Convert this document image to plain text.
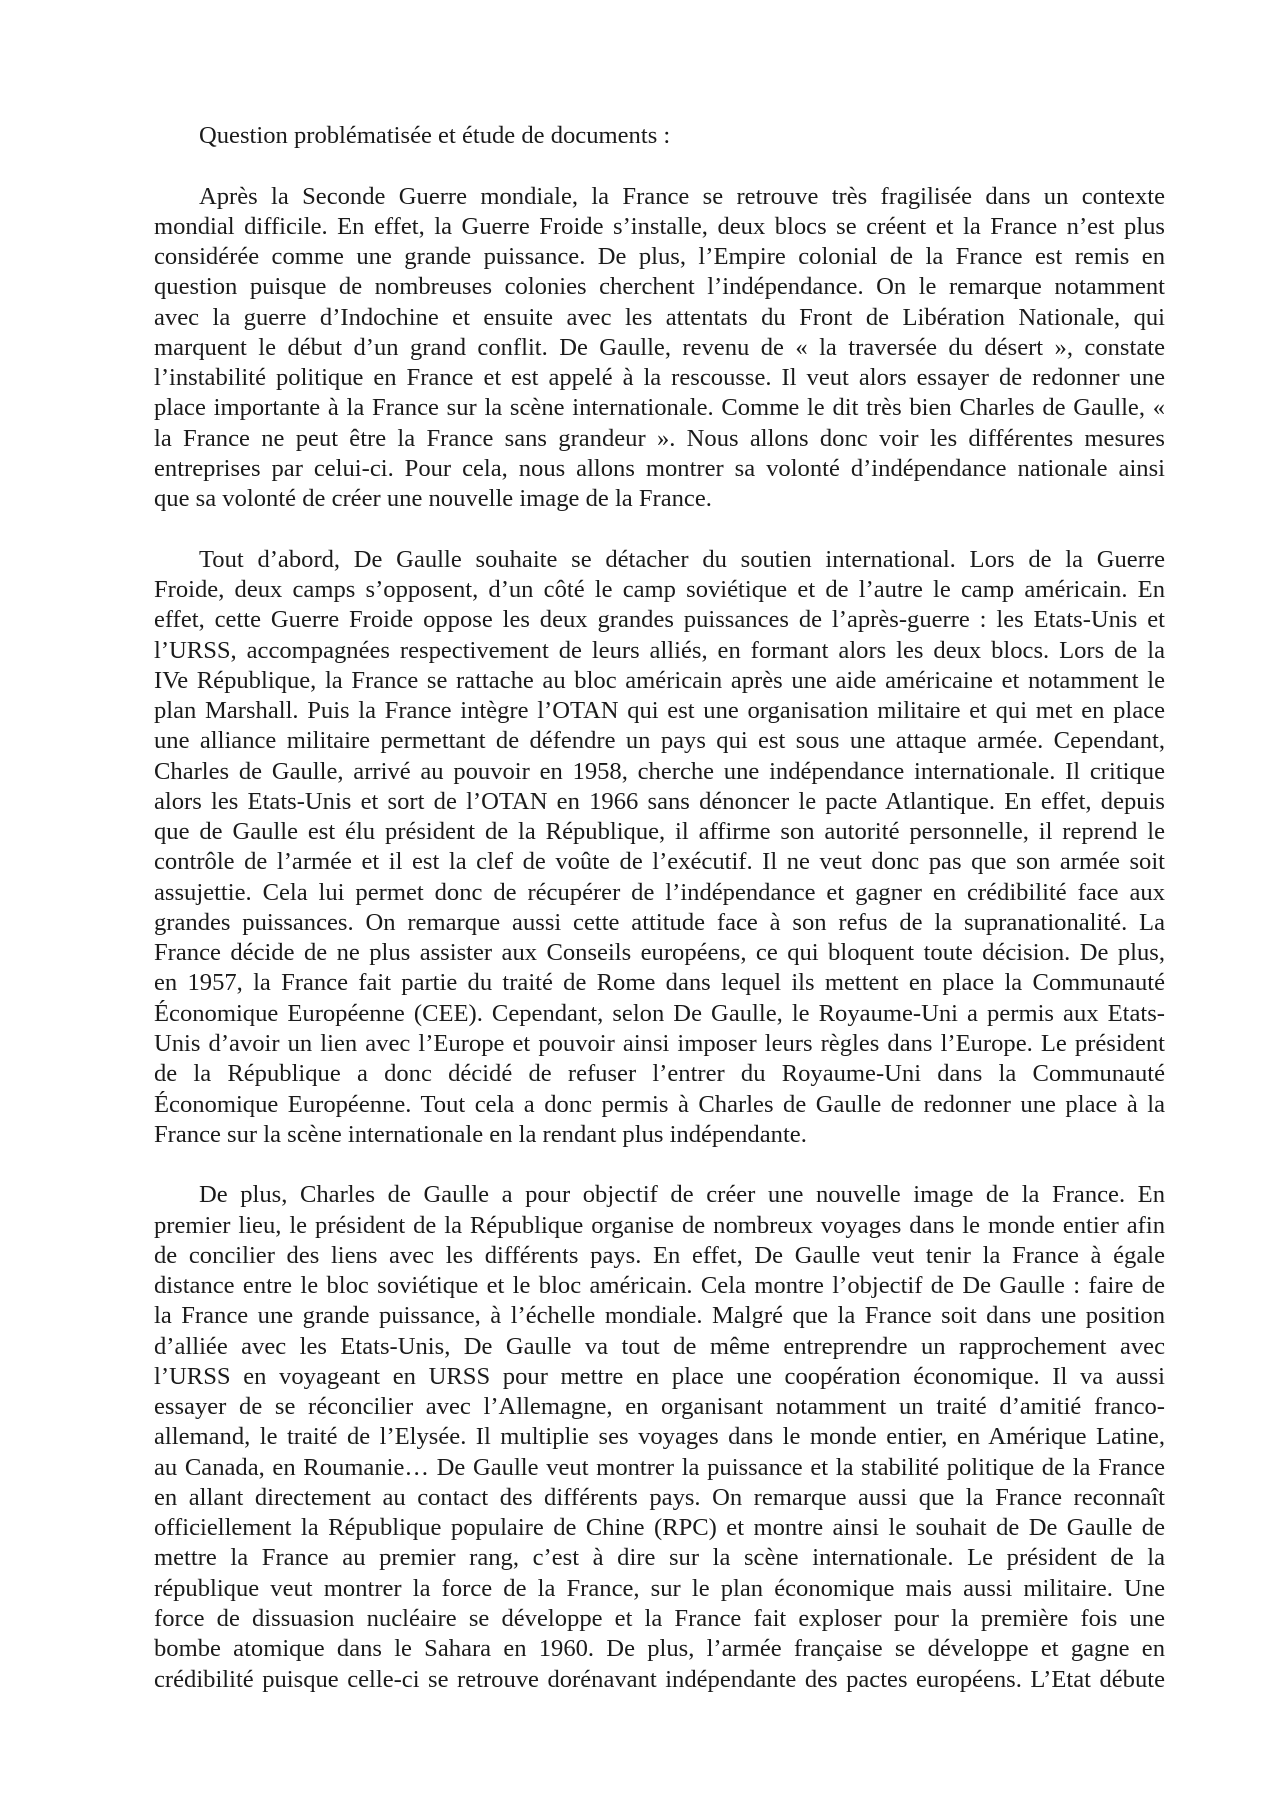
Question problématisée et étude de documents :
Après la Seconde Guerre mondiale, la France se retrouve très fragilisée dans un contexte
mondial difficile. En effet, la Guerre Froide s’installe, deux blocs se créent et la France n’est plus
considérée comme une grande puissance. De plus, l’Empire colonial de la France est remis en
question puisque de nombreuses colonies cherchent l’indépendance. On le remarque notamment
avec la guerre d’Indochine et ensuite avec les attentats du Front de Libération Nationale, qui
marquent le début d’un grand conflit. De Gaulle, revenu de « la traversée du désert », constate
l’instabilité politique en France et est appelé à la rescousse. Il veut alors essayer de redonner une
place importante à la France sur la scène internationale. Comme le dit très bien Charles de Gaulle, «
la France ne peut être la France sans grandeur ». Nous allons donc voir les différentes mesures
entreprises par celui-ci. Pour cela, nous allons montrer sa volonté d’indépendance nationale ainsi
que sa volonté de créer une nouvelle image de la France.
Tout d’abord, De Gaulle souhaite se détacher du soutien international. Lors de la Guerre
Froide, deux camps s’opposent, d’un côté le camp soviétique et de l’autre le camp américain. En
effet, cette Guerre Froide oppose les deux grandes puissances de l’après-guerre : les Etats-Unis et
l’URSS, accompagnées respectivement de leurs alliés, en formant alors les deux blocs. Lors de la
IVe République, la France se rattache au bloc américain après une aide américaine et notamment le
plan Marshall. Puis la France intègre l’OTAN qui est une organisation militaire et qui met en place
une alliance militaire permettant de défendre un pays qui est sous une attaque armée. Cependant,
Charles de Gaulle, arrivé au pouvoir en 1958, cherche une indépendance internationale. Il critique
alors les Etats-Unis et sort de l’OTAN en 1966 sans dénoncer le pacte Atlantique. En effet, depuis
que de Gaulle est élu président de la République, il affirme son autorité personnelle, il reprend le
contrôle de l’armée et il est la clef de voûte de l’exécutif. Il ne veut donc pas que son armée soit
assujettie. Cela lui permet donc de récupérer de l’indépendance et gagner en crédibilité face aux
grandes puissances. On remarque aussi cette attitude face à son refus de la supranationalité. La
France décide de ne plus assister aux Conseils européens, ce qui bloquent toute décision. De plus,
en 1957, la France fait partie du traité de Rome dans lequel ils mettent en place la Communauté
Économique Européenne (CEE). Cependant, selon De Gaulle, le Royaume-Uni a permis aux Etats-
Unis d’avoir un lien avec l’Europe et pouvoir ainsi imposer leurs règles dans l’Europe. Le président
de la République a donc décidé de refuser l’entrer du Royaume-Uni dans la Communauté
Économique Européenne. Tout cela a donc permis à Charles de Gaulle de redonner une place à la
France sur la scène internationale en la rendant plus indépendante.
De plus, Charles de Gaulle a pour objectif de créer une nouvelle image de la France. En
premier lieu, le président de la République organise de nombreux voyages dans le monde entier afin
de concilier des liens avec les différents pays. En effet, De Gaulle veut tenir la France à égale
distance entre le bloc soviétique et le bloc américain. Cela montre l’objectif de De Gaulle : faire de
la France une grande puissance, à l’échelle mondiale. Malgré que la France soit dans une position
d’alliée avec les Etats-Unis, De Gaulle va tout de même entreprendre un rapprochement avec
l’URSS en voyageant en URSS pour mettre en place une coopération économique. Il va aussi
essayer de se réconcilier avec l’Allemagne, en organisant notamment un traité d’amitié franco-
allemand, le traité de l’Elysée. Il multiplie ses voyages dans le monde entier, en Amérique Latine,
au Canada, en Roumanie… De Gaulle veut montrer la puissance et la stabilité politique de la France
en allant directement au contact des différents pays. On remarque aussi que la France reconnaît
officiellement la République populaire de Chine (RPC) et montre ainsi le souhait de De Gaulle de
mettre la France au premier rang, c’est à dire sur la scène internationale. Le président de la
république veut montrer la force de la France, sur le plan économique mais aussi militaire. Une
force de dissuasion nucléaire se développe et la France fait exploser pour la première fois une
bombe atomique dans le Sahara en 1960. De plus, l’armée française se développe et gagne en
crédibilité puisque celle-ci se retrouve dorénavant indépendante des pactes européens. L’Etat débute
